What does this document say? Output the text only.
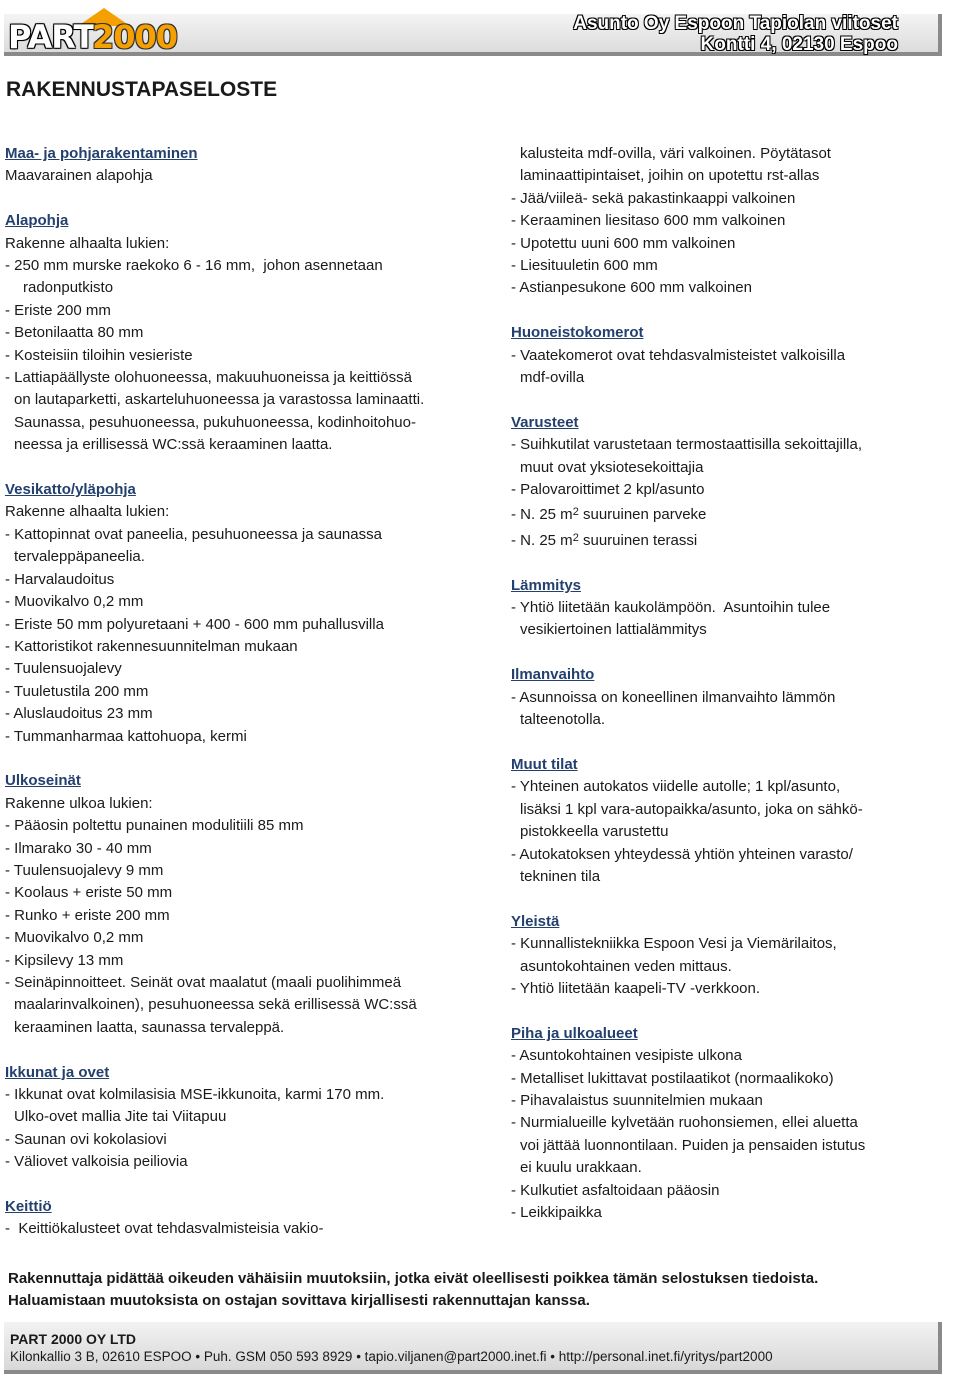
PART
2000	Asunto Oy Espoon Tapiolan viitoset
Kontti 4, 02130 Espoo
RAKENNUSTAPASELOSTE
Maa- ja pohjarakentaminen
Maavarainen alapohja
Alapohja
Rakenne alhaalta lukien:
- 250 mm murske raekoko 6 - 16 mm,  johon asennetaan
radonputkisto
- Eriste 200 mm
- Betonilaatta 80 mm
- Kosteisiin tiloihin vesieriste
- Lattiapäällyste olohuoneessa, makuuhuoneissa ja keittiössä
on lautaparketti, askarteluhuoneessa ja varastossa laminaatti.
Saunassa, pesuhuoneessa, pukuhuoneessa, kodinhoitohuo-
neessa ja erillisessä WC:ssä keraaminen laatta.
Vesikatto/yläpohja
Rakenne alhaalta lukien:
- Kattopinnat ovat paneelia, pesuhuoneessa ja saunassa
tervaleppäpaneelia.
- Harvalaudoitus
- Muovikalvo 0,2 mm
- Eriste 50 mm polyuretaani + 400 - 600 mm puhallusvilla
- Kattoristikot rakennesuunnitelman mukaan
- Tuulensuojalevy
- Tuuletustila 200 mm
- Aluslaudoitus 23 mm
- Tummanharmaa kattohuopa, kermi
Ulkoseinät
Rakenne ulkoa lukien:
- Pääosin poltettu punainen modulitiili 85 mm
- Ilmarako 30 - 40 mm
- Tuulensuojalevy 9 mm
- Koolaus + eriste 50 mm
- Runko + eriste 200 mm
- Muovikalvo 0,2 mm
- Kipsilevy 13 mm
- Seinäpinnoitteet. Seinät ovat maalatut (maali puolihimmeä
maalarinvalkoinen), pesuhuoneessa sekä erillisessä WC:ssä
keraaminen laatta, saunassa tervaleppä.
Ikkunat ja ovet
- Ikkunat ovat kolmilasisia MSE-ikkunoita, karmi 170 mm.
Ulko-ovet mallia Jite tai Viitapuu
- Saunan ovi kokolasiovi
- Väliovet valkoisia peiliovia
Keittiö
-  Keittiökalusteet ovat tehdasvalmisteisia vakio-
kalusteita mdf-ovilla, väri valkoinen. Pöytätasot
laminaattipintaiset, joihin on upotettu rst-allas
- Jää/viileä- sekä pakastinkaappi valkoinen
- Keraaminen liesitaso 600 mm valkoinen
- Upotettu uuni 600 mm valkoinen
- Liesituuletin 600 mm
- Astianpesukone 600 mm valkoinen
Huoneistokomerot
- Vaatekomerot ovat tehdasvalmisteistet valkoisilla
mdf-ovilla
Varusteet
- Suihkutilat varustetaan termostaattisilla sekoittajilla,
muut ovat yksiotesekoittajia
- Palovaroittimet 2 kpl/asunto
- N. 25 $m^2$ suuruinen parveke
- N. 25 $m^2$ suuruinen terassi
Lämmitys
- Yhtiö liitetään kaukolämpöön.  Asuntoihin tulee
vesikiertoinen lattialämmitys
Ilmanvaihto
- Asunnoissa on koneellinen ilmanvaihto lämmön
talteenotolla.
Muut tilat
- Yhteinen autokatos viidelle autolle; 1 kpl/asunto,
lisäksi 1 kpl vara-autopaikka/asunto, joka on sähkö-
pistokkeella varustettu
- Autokatoksen yhteydessä yhtiön yhteinen varasto/
tekninen tila
Yleistä
- Kunnallistekniikka Espoon Vesi ja Viemärilaitos,
asuntokohtainen veden mittaus.
- Yhtiö liitetään kaapeli-TV -verkkoon.
Piha ja ulkoalueet
- Asuntokohtainen vesipiste ulkona
- Metalliset lukittavat postilaatikot (normaalikoko)
- Pihavalaistus suunnitelmien mukaan
- Nurmialueille kylvetään ruohonsiemen, ellei aluetta
voi jättää luonnontilaan. Puiden ja pensaiden istutus
ei kuulu urakkaan.
- Kulkutiet asfaltoidaan pääosin
- Leikkipaikka
Rakennuttaja pidättää oikeuden vähäisiin muutoksiin, jotka eivät oleellisesti poikkea tämän selostuksen tiedoista.
Haluamistaan muutoksista on ostajan sovittava kirjallisesti rakennuttajan kanssa.
PART 2000 OY LTD
Kilonkallio 3 B, 02610 ESPOO • Puh. GSM 050 593 8929 • tapio.viljanen@part2000.inet.fi • http://personal.inet.fi/yritys/part2000
